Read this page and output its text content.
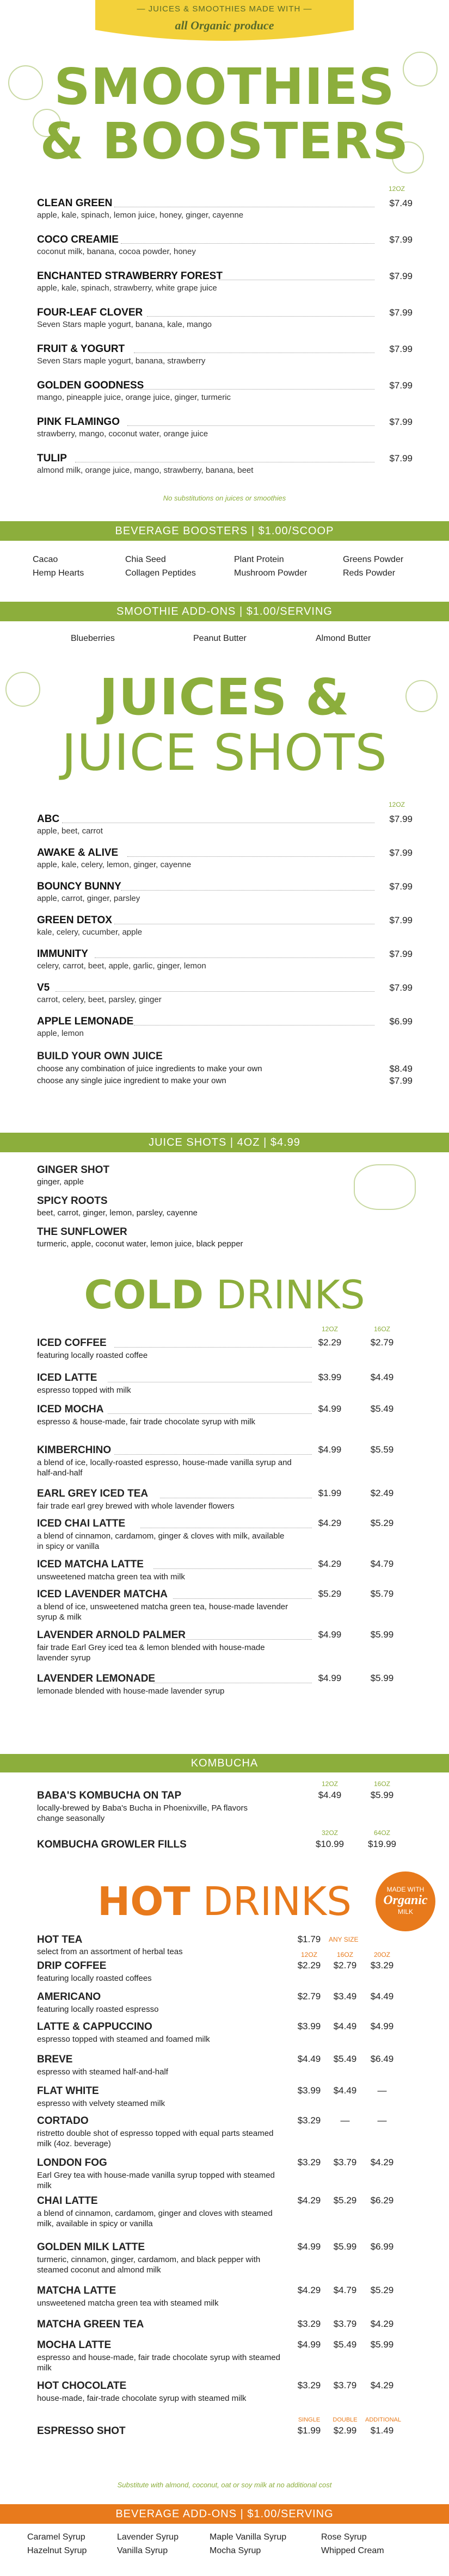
— JUICES & SMOOTHIES MADE WITH —
all Organic produce
SMOOTHIES
& BOOSTERS
12OZ
CLEAN GREEN
apple, kale, spinach, lemon juice, honey, ginger, cayenne
$7.49
COCO CREAMIE
coconut milk, banana, cocoa powder, honey
$7.99
ENCHANTED STRAWBERRY FOREST
apple, kale, spinach, strawberry, white grape juice
$7.99
FOUR-LEAF CLOVER
Seven Stars maple yogurt, banana, kale, mango
$7.99
FRUIT & YOGURT
Seven Stars maple yogurt, banana, strawberry
$7.99
GOLDEN GOODNESS
mango, pineapple juice, orange juice, ginger, turmeric
$7.99
PINK FLAMINGO
strawberry, mango, coconut water, orange juice
$7.99
TULIP
almond milk, orange juice, mango, strawberry, banana, beet
$7.99
No substitutions on juices or smoothies
BEVERAGE BOOSTERS | $1.00/SCOOP
Cacao
Hemp Hearts
Chia Seed
Collagen Peptides
Plant Protein
Mushroom Powder
Greens Powder
Reds Powder
SMOOTHIE ADD-ONS | $1.00/SERVING
Blueberries	Peanut Butter	Almond Butter
JUICES &
JUICE SHOTS
12OZ
ABC
apple, beet, carrot
$7.99
AWAKE & ALIVE
apple, kale, celery, lemon, ginger, cayenne
$7.99
BOUNCY BUNNY
apple, carrot, ginger, parsley
$7.99
GREEN DETOX
kale, celery, cucumber, apple
$7.99
IMMUNITY
celery, carrot, beet, apple, garlic, ginger, lemon
$7.99
V5
carrot, celery, beet, parsley, ginger
$7.99
APPLE LEMONADE
apple, lemon
$6.99
BUILD YOUR OWN JUICE
choose any combination of juice ingredients to make your own	$8.49
choose any single juice ingredient to make your own	$7.99
JUICE SHOTS | 4OZ | $4.99
GINGER SHOT
ginger, apple
SPICY ROOTS
beet, carrot, ginger, lemon, parsley, cayenne
THE SUNFLOWER
turmeric, apple, coconut water, lemon juice, black pepper
COLD DRINKS
12OZ	16OZ
ICED COFFEE
featuring locally roasted coffee
$2.29	$2.79
ICED LATTE
espresso topped with milk
$3.99	$4.49
ICED MOCHA
espresso & house-made, fair trade chocolate syrup with milk
$4.99	$5.49
KIMBERCHINO
a blend of ice, locally-roasted espresso, house-made vanilla syrup and half-and-half
$4.99	$5.59
EARL GREY ICED TEA
fair trade earl grey brewed with whole lavender flowers
$1.99	$2.49
ICED CHAI LATTE
a blend of cinnamon, cardamom, ginger & cloves with milk, available in spicy or vanilla
$4.29	$5.29
ICED MATCHA LATTE
unsweetened matcha green tea with milk
$4.29	$4.79
ICED LAVENDER MATCHA
a blend of ice, unsweetened matcha green tea, house-made lavender syrup & milk
$5.29	$5.79
LAVENDER ARNOLD PALMER
fair trade Earl Grey iced tea & lemon blended with house-made lavender syrup
$4.99	$5.99
LAVENDER LEMONADE
lemonade blended with house-made lavender syrup
$4.99	$5.99
KOMBUCHA
12OZ	16OZ
BABA'S KOMBUCHA ON TAP
locally-brewed by Baba's Bucha in Phoenixville, PA flavors change seasonally
$4.49	$5.99
32OZ	64OZ
KOMBUCHA GROWLER FILLS	$10.99	$19.99
HOT DRINKS	MADE WITH
Organic
MILK
HOT TEA
select from an assortment of herbal teas
$1.79	ANY SIZE
12OZ	16OZ	20OZ
DRIP COFFEE
featuring locally roasted coffees
$2.29	$2.79	$3.29
AMERICANO
featuring locally roasted espresso
$2.79	$3.49	$4.49
LATTE & CAPPUCCINO
espresso topped with steamed and foamed milk
$3.99	$4.49	$4.99
BREVE
espresso with steamed half-and-half
$4.49	$5.49	$6.49
FLAT WHITE
espresso with velvety steamed milk
$3.99	$4.49	—
CORTADO
ristretto double shot of espresso topped with equal parts steamed milk (4oz. beverage)
$3.29	—	—
LONDON FOG
Earl Grey tea with house-made vanilla syrup topped with steamed milk
$3.29	$3.79	$4.29
CHAI LATTE
a blend of cinnamon, cardamom, ginger and cloves with steamed milk, available in spicy or vanilla
$4.29	$5.29	$6.29
GOLDEN MILK LATTE
turmeric, cinnamon, ginger, cardamom, and black pepper with steamed coconut and almond milk
$4.99	$5.99	$6.99
MATCHA LATTE
unsweetened matcha green tea with steamed milk
$4.29	$4.79	$5.29
MATCHA GREEN TEA	$3.29	$3.79	$4.29
MOCHA LATTE
espresso and house-made, fair trade chocolate syrup with steamed milk
$4.99	$5.49	$5.99
HOT CHOCOLATE
house-made, fair-trade chocolate syrup with steamed milk
$3.29	$3.79	$4.29
SINGLE	DOUBLE	ADDITIONAL
ESPRESSO SHOT	$1.99	$2.99	$1.49
Substitute with almond, coconut, oat or soy milk at no additional cost
BEVERAGE ADD-ONS | $1.00/SERVING
Caramel Syrup
Hazelnut Syrup
Lavender Syrup
Vanilla Syrup
Maple Vanilla Syrup
Mocha Syrup
Rose Syrup
Whipped Cream
